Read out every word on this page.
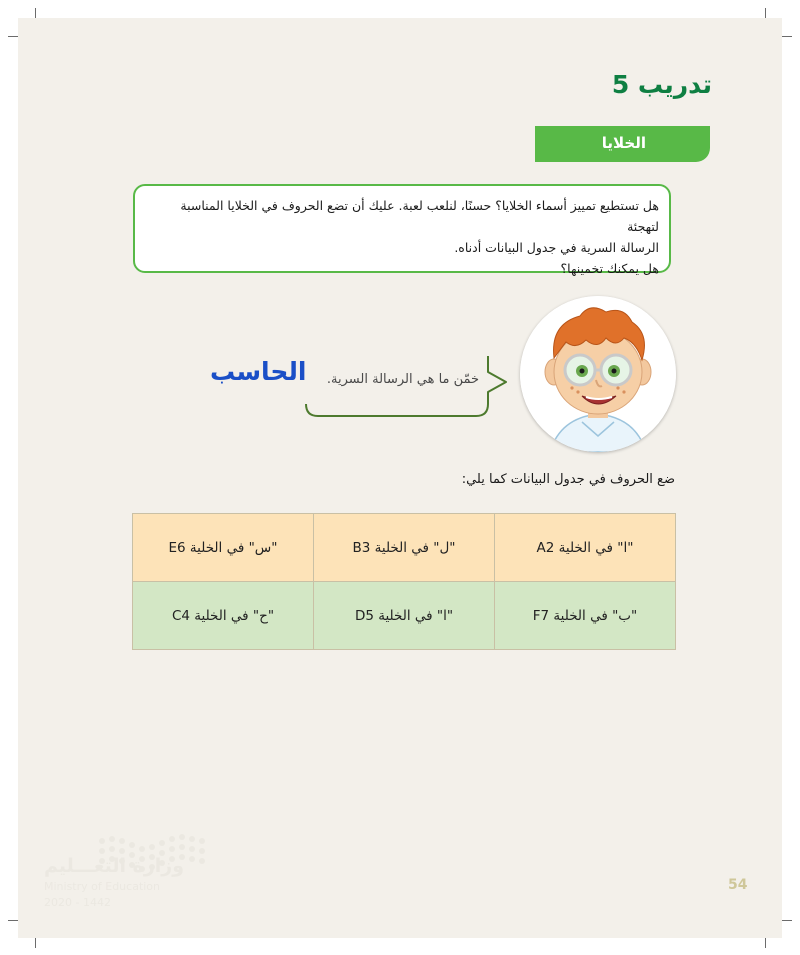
تدريب 5
الخلايا
هل تستطيع تمييز أسماء الخلايا؟ حسنًا، لنلعب لعبة. عليك أن تضع الحروف في الخلايا المناسبة لتهجئة
الرسالة السرية في جدول البيانات أدناه.
هل يمكنك تخمينها؟
خمّن ما هي الرسالة السرية.
الحاسب
ضع الحروف في جدول البيانات كما يلي:
"ا" في الخلية A2	"ل" في الخلية B3	"س" في الخلية E6
"ب" في الخلية F7	"ا" في الخلية D5	"ح" في الخلية C4
وزارة التعـــليم
Ministry of Education
2020 - 1442
54
